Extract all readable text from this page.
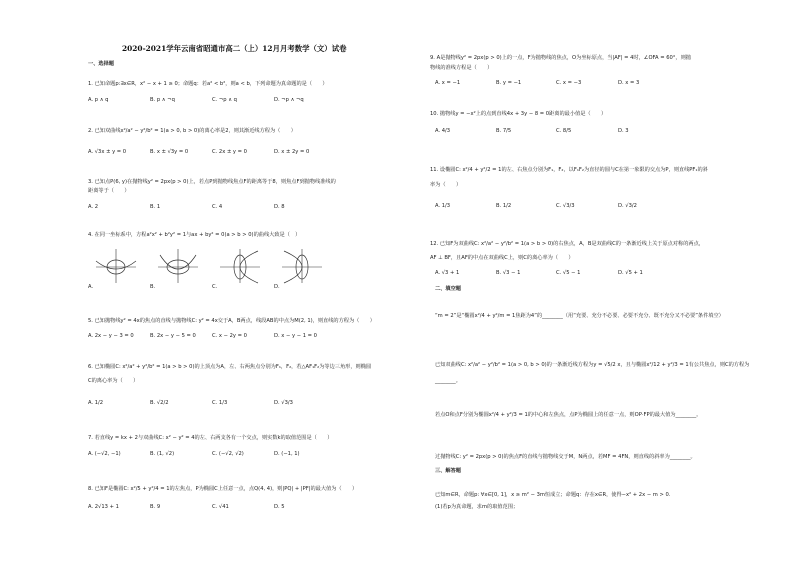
2020-2021学年云南省昭通市高二（上）12月月考数学（文）试卷
一、选择题
1. 已知命题p:∃x∈R，x² − x + 1 ≥ 0；命题q：若a² < b²，则a < b，下列命题为真命题的是（　　）
A. p ∧ q	B. p ∧ ¬q	C. ¬p ∧ q	D. ¬p ∧ ¬q
2. 已知双曲线x²/a² − y²/b² = 1(a > 0, b > 0)的离心率是2，则其渐近线方程为（　　）
A. √3x ± y = 0	B. x ± √3y = 0	C. 2x ± y = 0	D. x ± 2y = 0
3. 已知点P(6, y)在抛物线y² = 2px(p > 0)上，若点P到抛物线焦点F的距离等于8，则焦点F到抛物线准线的
距离等于（　　）
A. 2	B. 1	C. 4	D. 8
4. 在同一坐标系中，方程a²x² + b²y² = 1与ax + by² = 0(a > b > 0)的曲线大致是（　）
A.	B.	C.	D.
5. 已知抛物线y² = 4x的焦点的直线与抛物线C: y² = 4x交于A，B两点，线段AB的中点为M(2, 1)，则直线的方程为（　　）
A. 2x − y − 3 = 0	B. 2x − y − 5 = 0	C. x − 2y = 0	D. x − y − 1 = 0
6. 已知椭圆C: x²/a² + y²/b² = 1(a > b > 0)的上顶点为A，左、右两焦点分别为F₁，F₂，若△AF₁F₂为等边三角形，则椭圆
C的离心率为（　　）
A. 1/2	B. √2/2	C. 1/3	D. √3/3
7. 若直线y = kx + 2与双曲线C: x² − y² = 4的左、右两支各有一个交点，则实数k的取值范围是（　　）
A. (−√2, −1)	B. (1, √2)	C. (−√2, √2)	D. (−1, 1)
8. 已知F是椭圆C: x²/5 + y²/4 = 1的左焦点，P为椭圆C上任意一点，点Q(4, 4)，则|PQ| + |PF|的最大值为（　　）
A. 2√13 + 1	B. 9	C. √41	D. 5
9. A是抛物线y² = 2px(p > 0)上的一点，F为抛物线的焦点，O为坐标原点，当|AF| = 4时，∠OFA = 60°，则抛
物线的准线方程是（　　）
A. x = −1	B. y = −1	C. x = −3	D. x = 3
10. 抛物线y = −x²上的点到直线4x + 3y − 8 = 0距离的最小值是（　　）
A. 4/3	B. 7/5	C. 8/5	D. 3
11. 设椭圆C: x²/4 + y²/2 = 1的左、右焦点分别为F₁，F₂，以F₁F₂为直径的圆与C在第一象限的交点为P，则直线PF₁的斜
率为（　　）
A. 1/3	B. 1/2	C. √3/3	D. √3/2
12. 已知F为双曲线C: x²/a² − y²/b² = 1(a > b > 0)的右焦点，A，B是双曲线C的一条渐近线上关于原点对称的两点，
AF ⊥ BF，且AF的中点在双曲线C上，则C的离心率为（　　）
A. √3 + 1	B. √3 − 1	C. √5 − 1	D. √5 + 1
二、填空题
“m = 2”是“椭圆x²/4 + y²/m = 1焦距为4”的________（用“充要、充分不必要、必要不充分、既不充分又不必要”条件填空）
已知双曲线C: x²/a² − y²/b² = 1(a > 0, b > 0)的一条渐近线方程为y = √5/2 x，且与椭圆x²/12 + y²/3 = 1有公共焦点，则C的方程为
________。
若点O和点F分别为椭圆x²/4 + y²/3 = 1的中心和左焦点，点P为椭圆上的任意一点，则OP·FP的最大值为________。
过抛物线C: y² = 2px(p > 0)的焦点F的直线与抛物线交于M，N两点，若MF = 4FN，则直线的斜率为________。
三、解答题
已知m∈R，命题p: ∀x∈[0, 1]，x ≥ m² − 3m恒成立；命题q：存在x∈R，使得−x² + 2x − m > 0.
(1)若p为真命题，求m的取值范围；
